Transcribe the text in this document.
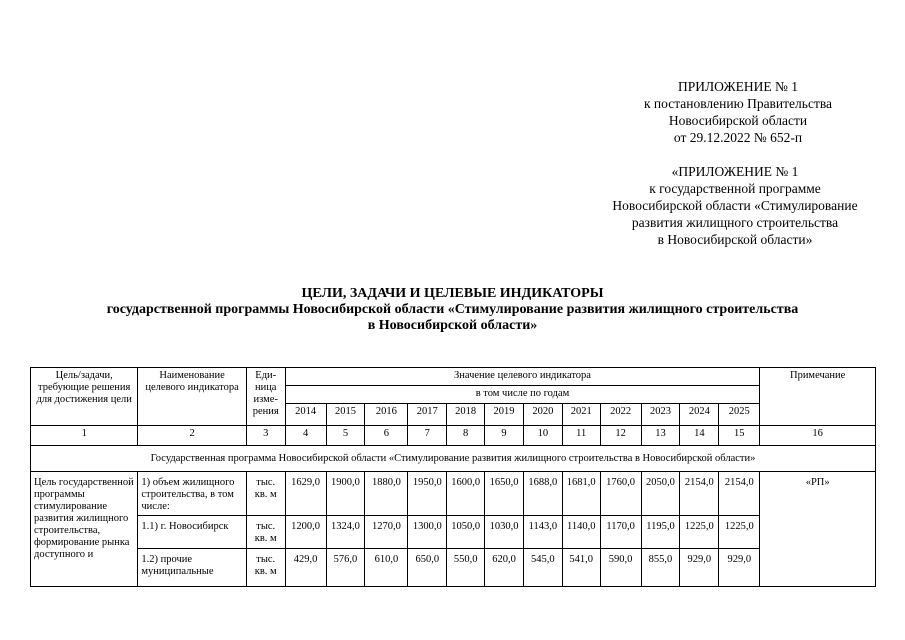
ПРИЛОЖЕНИЕ № 1
к постановлению Правительства
Новосибирской области
от 29.12.2022 № 652-п
«ПРИЛОЖЕНИЕ № 1
к государственной программе
Новосибирской области «Стимулирование
развития жилищного строительства
в Новосибирской области»
ЦЕЛИ, ЗАДАЧИ И ЦЕЛЕВЫЕ ИНДИКАТОРЫ
государственной программы Новосибирской области «Стимулирование развития жилищного строительства
в Новосибирской области»
Цель/задачи, требующие решения для достижения цели	Наименование целевого индикатора	Еди-ница изме-рения	Значение целевого индикатора												Примечание
			в том числе по годам												
			2014	2015	2016	2017	2018	2019	2020	2021	2022	2023	2024	2025	
1	2	3	4	5	6	7	8	9	10	11	12	13	14	15	16
Государственная программа Новосибирской области «Стимулирование развития жилищного строительства в Новосибирской области»															
Цель государственной программы стимулирование развития жилищного строительства, формирование рынка доступного и	1) объем жилищного строительства, в том числе:	тыс. кв. м	1629,0	1900,0	1880,0	1950,0	1600,0	1650,0	1688,0	1681,0	1760,0	2050,0	2154,0	2154,0	«РП»
	1.1) г. Новосибирск	тыс. кв. м	1200,0	1324,0	1270,0	1300,0	1050,0	1030,0	1143,0	1140,0	1170,0	1195,0	1225,0	1225,0	
	1.2) прочие муниципальные	тыс. кв. м	429,0	576,0	610,0	650,0	550,0	620,0	545,0	541,0	590,0	855,0	929,0	929,0	
